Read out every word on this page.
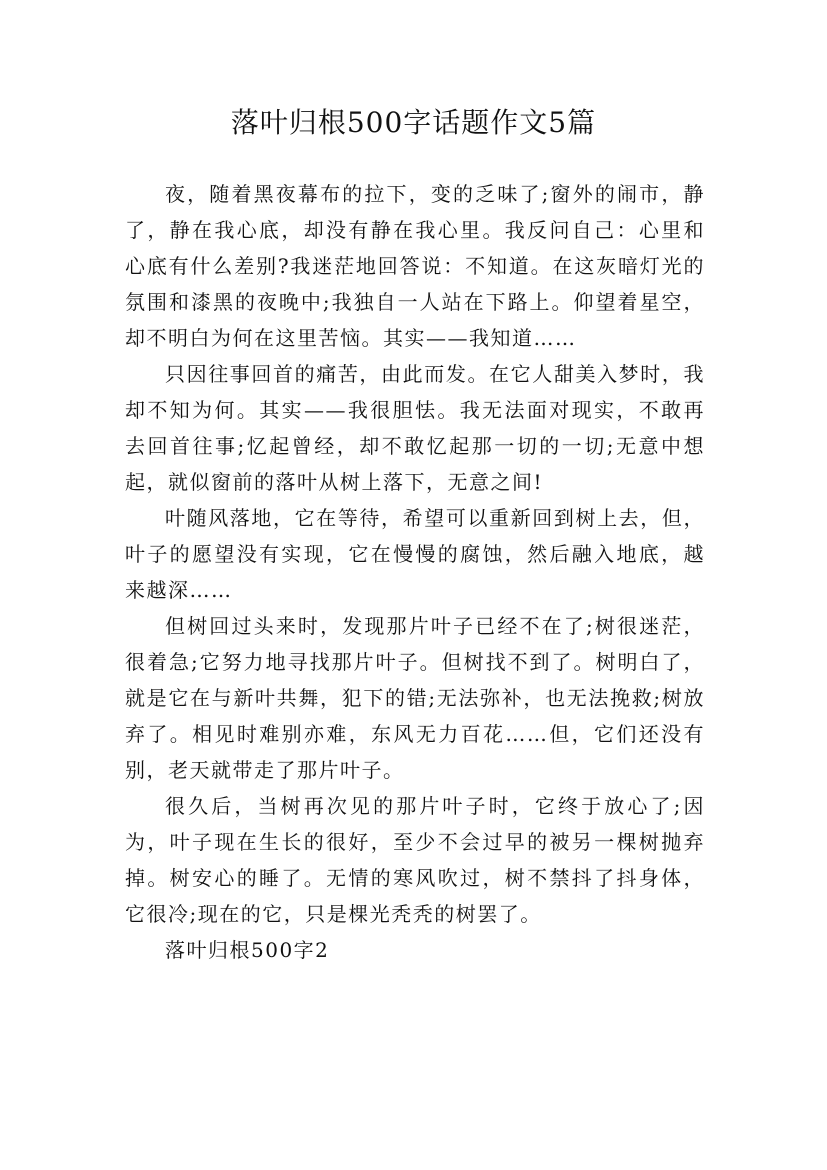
落叶归根500字话题作文5篇

夜，随着黑夜幕布的拉下，变的乏味了;窗外的闹市，静了，静在我心底，却没有静在我心里。我反问自己：心里和心底有什么差别?我迷茫地回答说：不知道。在这灰暗灯光的氛围和漆黑的夜晚中;我独自一人站在下路上。仰望着星空，却不明白为何在这里苦恼。其实——我知道……

只因往事回首的痛苦，由此而发。在它人甜美入梦时，我却不知为何。其实——我很胆怯。我无法面对现实，不敢再去回首往事;忆起曾经，却不敢忆起那一切的一切;无意中想起，就似窗前的落叶从树上落下，无意之间!

叶随风落地，它在等待，希望可以重新回到树上去，但，叶子的愿望没有实现，它在慢慢的腐蚀，然后融入地底，越来越深……

但树回过头来时，发现那片叶子已经不在了;树很迷茫，很着急;它努力地寻找那片叶子。但树找不到了。树明白了，就是它在与新叶共舞，犯下的错;无法弥补，也无法挽救;树放弃了。相见时难别亦难，东风无力百花……但，它们还没有别，老天就带走了那片叶子。

很久后，当树再次见的那片叶子时，它终于放心了;因为，叶子现在生长的很好，至少不会过早的被另一棵树抛弃掉。树安心的睡了。无情的寒风吹过，树不禁抖了抖身体，它很冷;现在的它，只是棵光秃秃的树罢了。

落叶归根500字2
